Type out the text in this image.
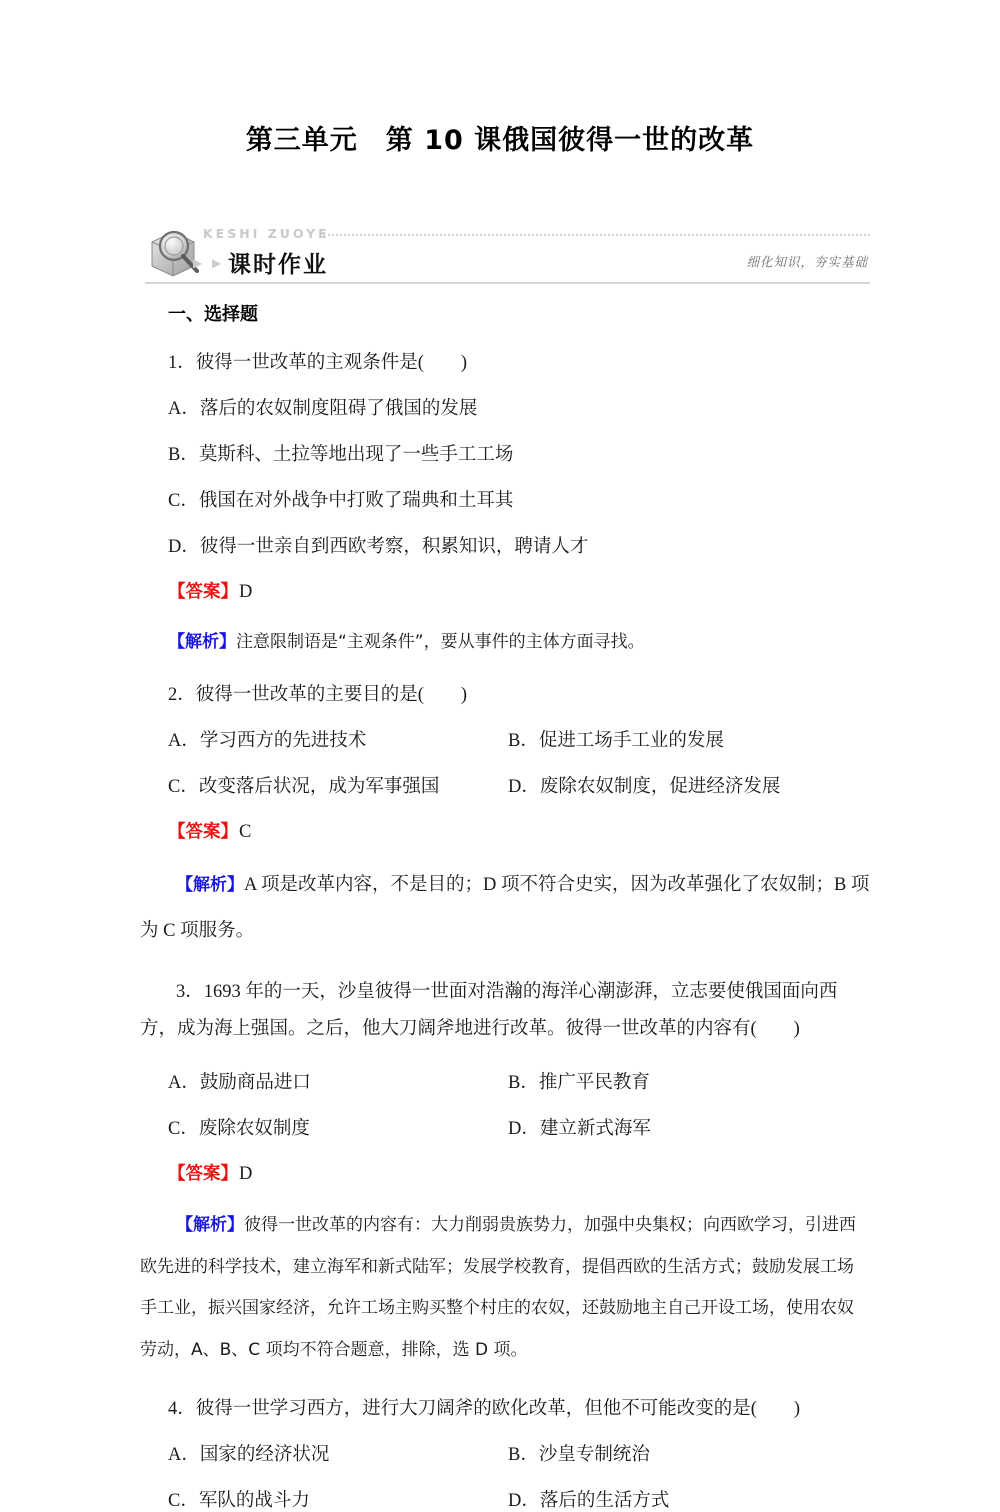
第三单元　第 10 课俄国彼得一世的改革
KESHI ZUOYE
▶ ▶ 课时作业	细化知识，夯实基础
一、选择题
1．彼得一世改革的主观条件是(　　)
A．落后的农奴制度阻碍了俄国的发展
B．莫斯科、土拉等地出现了一些手工工场
C．俄国在对外战争中打败了瑞典和土耳其
D．彼得一世亲自到西欧考察，积累知识，聘请人才
【答案】D
【解析】注意限制语是“主观条件”，要从事件的主体方面寻找。
2．彼得一世改革的主要目的是(　　)
A．学习西方的先进技术	B．促进工场手工业的发展
C．改变落后状况，成为军事强国	D．废除农奴制度，促进经济发展
【答案】C
【解析】A 项是改革内容，不是目的；D 项不符合史实，因为改革强化了农奴制；B 项为 C 项服务。
3．1693 年的一天，沙皇彼得一世面对浩瀚的海洋心潮澎湃，立志要使俄国面向西方，成为海上强国。之后，他大刀阔斧地进行改革。彼得一世改革的内容有(　　)
A．鼓励商品进口	B．推广平民教育
C．废除农奴制度	D．建立新式海军
【答案】D
【解析】彼得一世改革的内容有：大力削弱贵族势力，加强中央集权；向西欧学习，引进西欧先进的科学技术，建立海军和新式陆军；发展学校教育，提倡西欧的生活方式；鼓励发展工场手工业，振兴国家经济，允许工场主购买整个村庄的农奴，还鼓励地主自己开设工场，使用农奴劳动，A、B、C 项均不符合题意，排除，选 D 项。
4．彼得一世学习西方，进行大刀阔斧的欧化改革，但他不可能改变的是(　　)
A．国家的经济状况	B．沙皇专制统治
C．军队的战斗力	D．落后的生活方式
